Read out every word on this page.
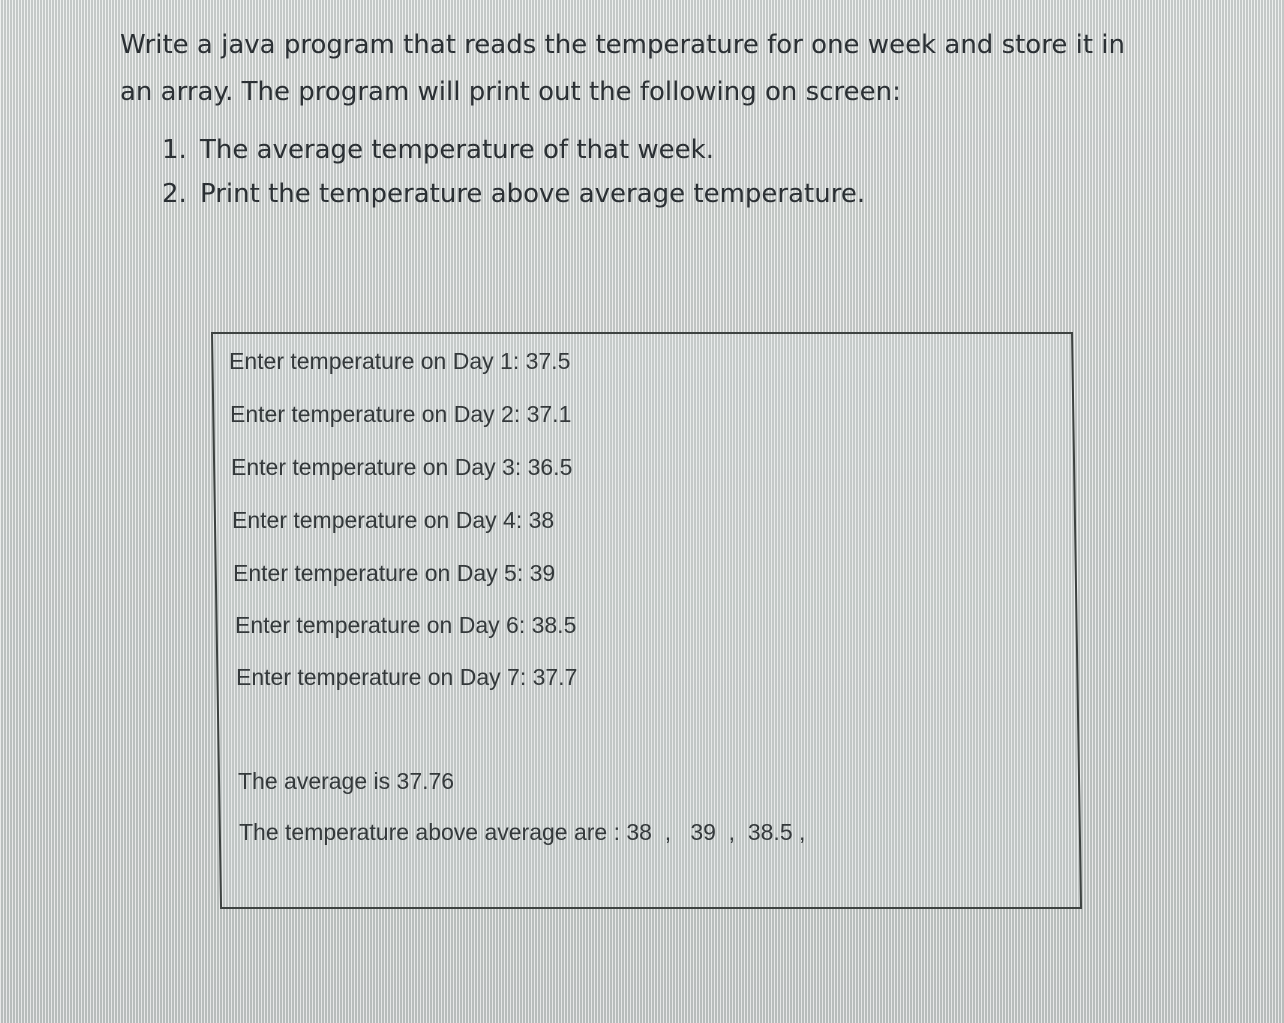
Write a java program that reads the temperature for one week and store it in

an array. The program will print out the following on screen:

1. The average temperature of that week.
2. Print the temperature above average temperature.
Enter temperature on Day 1: 37.5
Enter temperature on Day 2: 37.1
Enter temperature on Day 3: 36.5
Enter temperature on Day 4: 38
Enter temperature on Day 5: 39
Enter temperature on Day 6: 38.5
Enter temperature on Day 7: 37.7
The average is 37.76
The temperature above average are : 38  ,   39  ,  38.5 ,
